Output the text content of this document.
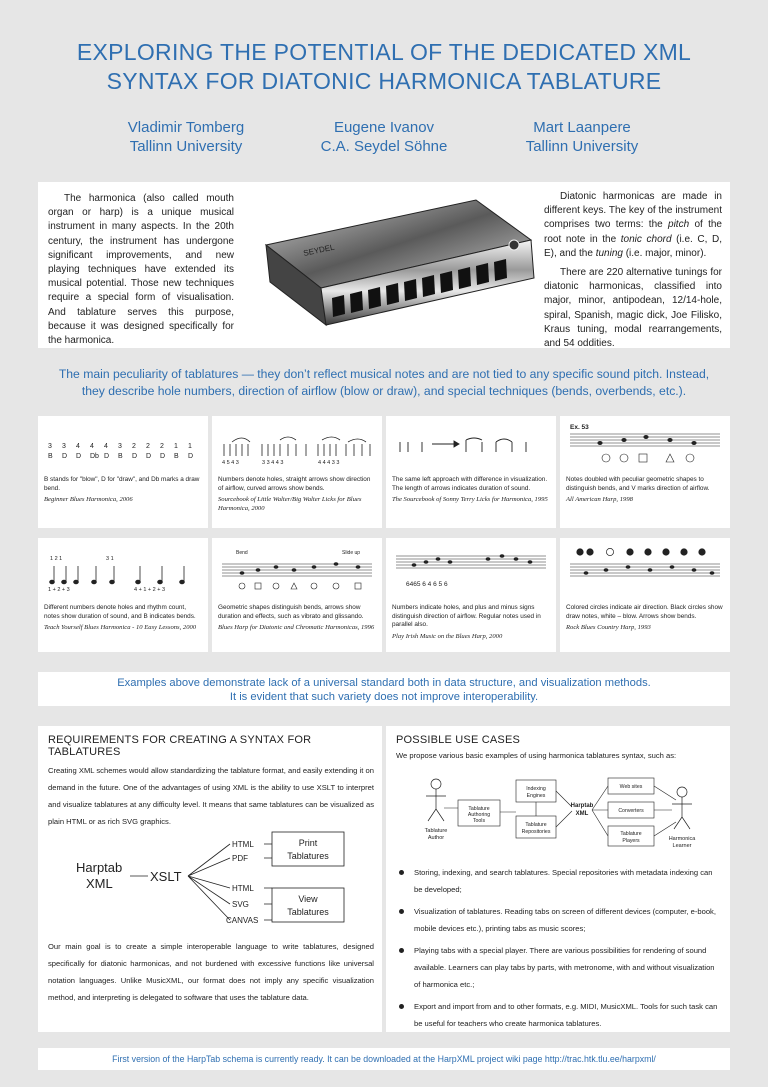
EXPLORING THE POTENTIAL OF THE DEDICATED XML
SYNTAX FOR DIATONIC HARMONICA TABLATURE
Vladimir Tomberg
Tallinn University
Eugene Ivanov
C.A. Seydel Söhne
Mart Laanpere
Tallinn University

The harmonica (also called mouth organ or harp) is a unique musical instrument in many aspects. In the 20th century, the instrument has undergone significant improvements, and new playing techniques have extended its musical potential. Those new techniques require a special form of visualisation. And tablature serves this purpose, because it was designed specifically for the harmonica.

SEYDEL

Diatonic harmonicas are made in different keys. The key of the instrument comprises two terms: the pitch of the root note in the tonic chord (i.e. C, D, E), and the tuning (i.e. major, minor).

There are 220 alternative tunings for diatonic harmonicas, classified into major, minor, antipodean, 12/14-hole, spiral, Spanish, magic dick, Joe Filisko, Kraus tuning, modal rearrangements, and 54 oddities.

The main peculiarity of tablatures — they don’t reflect musical notes and are not tied to any specific sound pitch. Instead,
they describe hole numbers, direction of airflow (blow or draw), and special techniques (bends, overbends, etc.).
3 3 4 4 4 3 2 2 2 1 1
B D D Db D B D D D B D
B stands for "blow", D for "draw", and Db marks a draw bend.
Beginner Blues Harmonica, 2006
4 5 4 3	3 3 4 4 3	4 4 4 3 3
Numbers denote holes, straight arrows show direction of airflow, curved arrows show bends.
Sourcebook of Little Walter/Big Walter Licks for Blues Harmonica, 2000
The same left approach with difference in visualization. The length of arrows indicates duration of sound.
The Sourcebook of Sonny Terry Licks for Harmonica, 1995
Ex. 53
Notes doubled with peculiar geometric shapes to distinguish bends, and V marks direction of airflow.
All American Harp, 1998
1 2 1	3 1
1 + 2 + 3	4 + 1 + 2 + 3
Different numbers denote holes and rhythm count, notes show duration of sound, and B indicates bends.
Teach Yourself Blues Harmonica - 10 Easy Lessons, 2000
Bend	Slide up
Geometric shapes distinguish bends, arrows show duration and effects, such as vibrato and glissando.
Blues Harp for Diatonic and Chromatic Harmonicas, 1996
6465 6 4 6 5 6
Numbers indicate holes, and plus and minus signs distinguish direction of airflow. Regular notes used in parallel also.
Play Irish Music on the Blues Harp, 2000
Colored circles indicate air direction. Black circles show draw notes, white – blow. Arrows show bends.
Rock Blues Country Harp, 1993
Examples above demonstrate lack of a universal standard both in data structure, and visualization methods.
It is evident that such variety does not improve interoperability.
REQUIREMENTS FOR CREATING A SYNTAX FOR TABLATURES

Creating XML schemes would allow standardizing the tablature format, and easily extending it on demand in the future. One of the advantages of using XML is the ability to use XSLT to interpret and visualize tablatures at any difficulty level. It means that same tablatures can be visualized as plain HTML or as rich SVG graphics.

Harptab
XML	XSLT
HTML
PDF
HTML
SVG
CANVAS
Print
Tablatures
View
Tablatures

Our main goal is to create a simple interoperable language to write tablatures, designed specifically for diatonic harmonicas, and not burdened with excessive functions like universal notation languages. Unlike MusicXML, our format does not imply any specific visualization method, and interpreting is delegated to software that uses the tablature data.

POSSIBLE USE CASES

We propose various basic examples of using harmonica tablatures syntax, such as:

Tablature
Author	Harmonica
Learner
Tablature
Authoring
Tools
Indexing
Engines
Tablature
Repositories
Harptab
XML
Web sites
Converters
Tablature
Players
Storing, indexing, and search tablatures. Special repositories with metadata indexing can be developed;
Visualization of tablatures. Reading tabs on screen of different devices (computer, e-book, mobile devices etc.), printing tabs as music scores;
Playing tabs with a special player. There are various possibilities for rendering of sound available. Learners can play tabs by parts, with metronome, with and without visualization of harmonica etc.;
Export and import from and to other formats, e.g. MIDI, MusicXML. Tools for such task can be useful for teachers who create harmonica tablatures.
First version of the HarpTab schema is currently ready. It can be downloaded at the HarpXML project wiki page http://trac.htk.tlu.ee/harpxml/
